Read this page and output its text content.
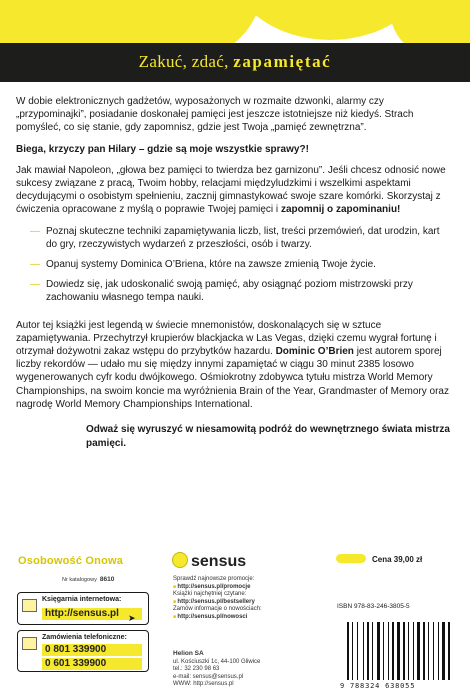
Zakuć, zdać, zapamiętać

W dobie elektronicznych gadżetów, wyposażonych w rozmaite dzwonki, alarmy czy „przypominajki”, posiadanie doskonałej pamięci jest jeszcze istotniejsze niż kiedyś. Strach pomyśleć, co się stanie, gdy zapomnisz, gdzie jest Twoja „pamięć zewnętrzna”.

Biega, krzyczy pan Hilary – gdzie są moje wszystkie sprawy?!

Jak mawiał Napoleon, „głowa bez pamięci to twierdza bez garnizonu”. Jeśli chcesz odnosić nowe sukcesy związane z pracą, Twoim hobby, relacjami międzyludzkimi i wszelkimi aspektami decydującymi o osobistym spełnieniu, zacznij gimnastykować swoje szare komórki. Skorzystaj z ćwiczenia opracowane z myślą o poprawie Twojej pamięci i zapomnij o zapominaniu!

— Poznaj skuteczne techniki zapamiętywania liczb, list, treści przemówień, dat urodzin, kart do gry, rzeczywistych wydarzeń z przeszłości, osób i twarzy.
— Opanuj systemy Dominica O’Briena, które na zawsze zmienią Twoje życie.
— Dowiedz się, jak udoskonalić swoją pamięć, aby osiągnąć poziom mistrzowski przy zachowaniu własnego tempa nauki.

Autor tej książki jest legendą w świecie mnemonistów, doskonalących się w sztuce zapamiętywania. Przechytrzył krupierów blackjacka w Las Vegas, dzięki czemu wygrał fortunę i otrzymał dożywotni zakaz wstępu do przybytków hazardu. Dominic O’Brien jest autorem sporej liczby rekordów — udało mu się między innymi zapamiętać w ciągu 30 minut 2385 losowo wygenerowanych cyfr kodu dwójkowego. Ośmiokrotny zdobywca tytułu mistrza World Memory Championships, na swoim koncie ma wyróżnienia Brain of the Year, Grandmaster of Memory oraz nagrodę World Memory Championships International.

Odważ się wyruszyć w niesamowitą podróż do wewnętrznego świata mistrza pamięci.

Osobowość Onowa
Nr katalogowy 8610
Księgarnia internetowa:
http://sensus.pl	➤
Zamówienia telefoniczne:
0 801 339900
0 601 339900
sensus
Sprawdź najnowsze promocje:
■ http://sensus.pl/promocje
Książki najchętniej czytane:
■ http://sensus.pl/bestsellery
Zamów informacje o nowościach:
■ http://sensus.pl/nowosci
Helion SA
ul. Kościuszki 1c, 44-100 Gliwice
tel.: 32 230 98 63
e-mail: sensus@sensus.pl
WWW: http://sensus.pl
Cena 39,00 zł
ISBN 978-83-246-3805-5
9 788324 638055
